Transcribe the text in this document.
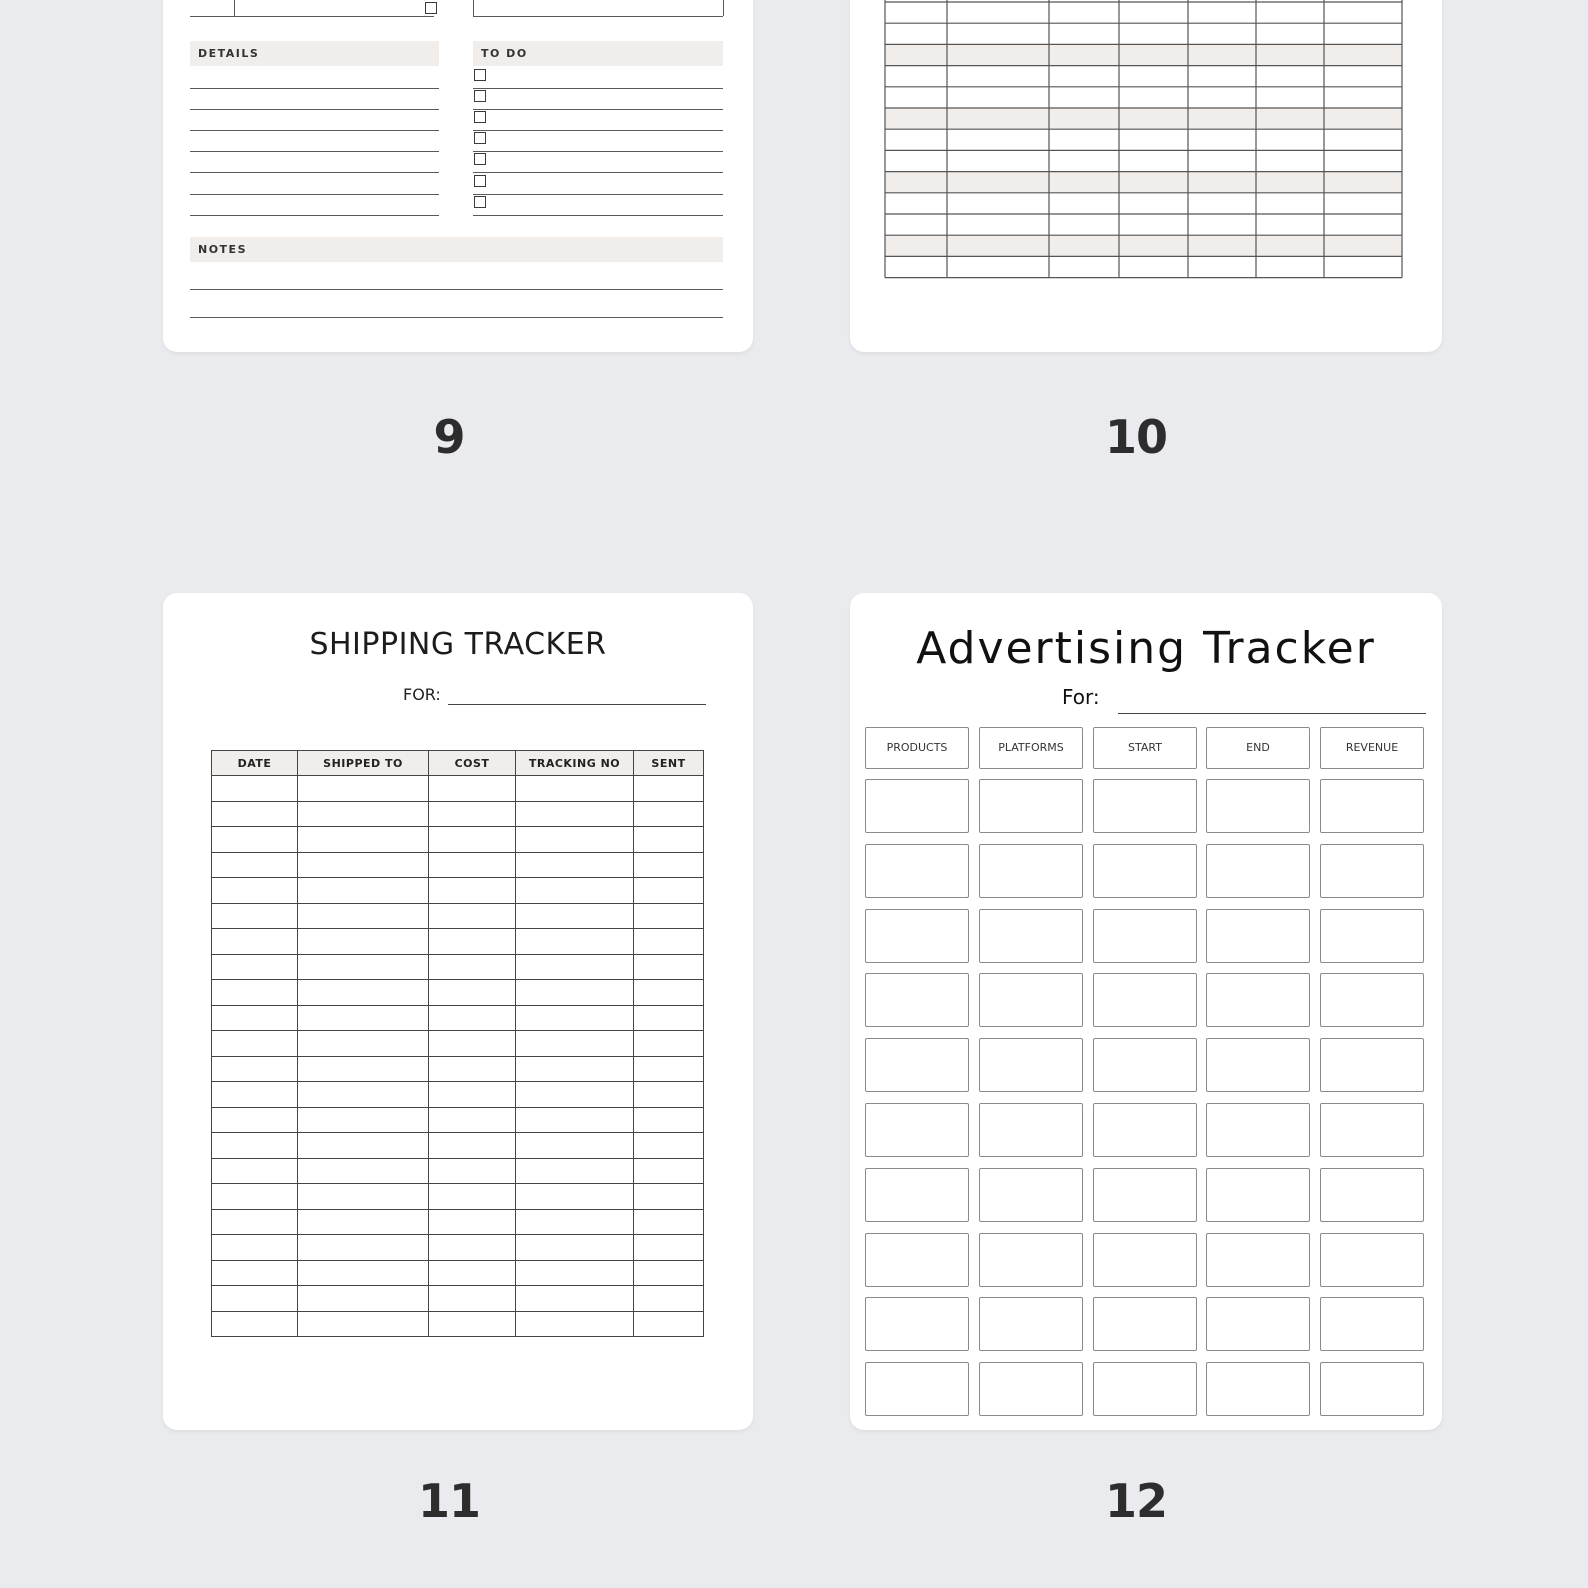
DETAILS	TO DO
NOTES
9	10
SHIPPING TRACKER
FOR:
DATE	SHIPPED TO	COST	TRACKING NO	SENT

11
Advertising Tracker
For:
PRODUCTS	PLATFORMS	START	END	REVENUE
12
